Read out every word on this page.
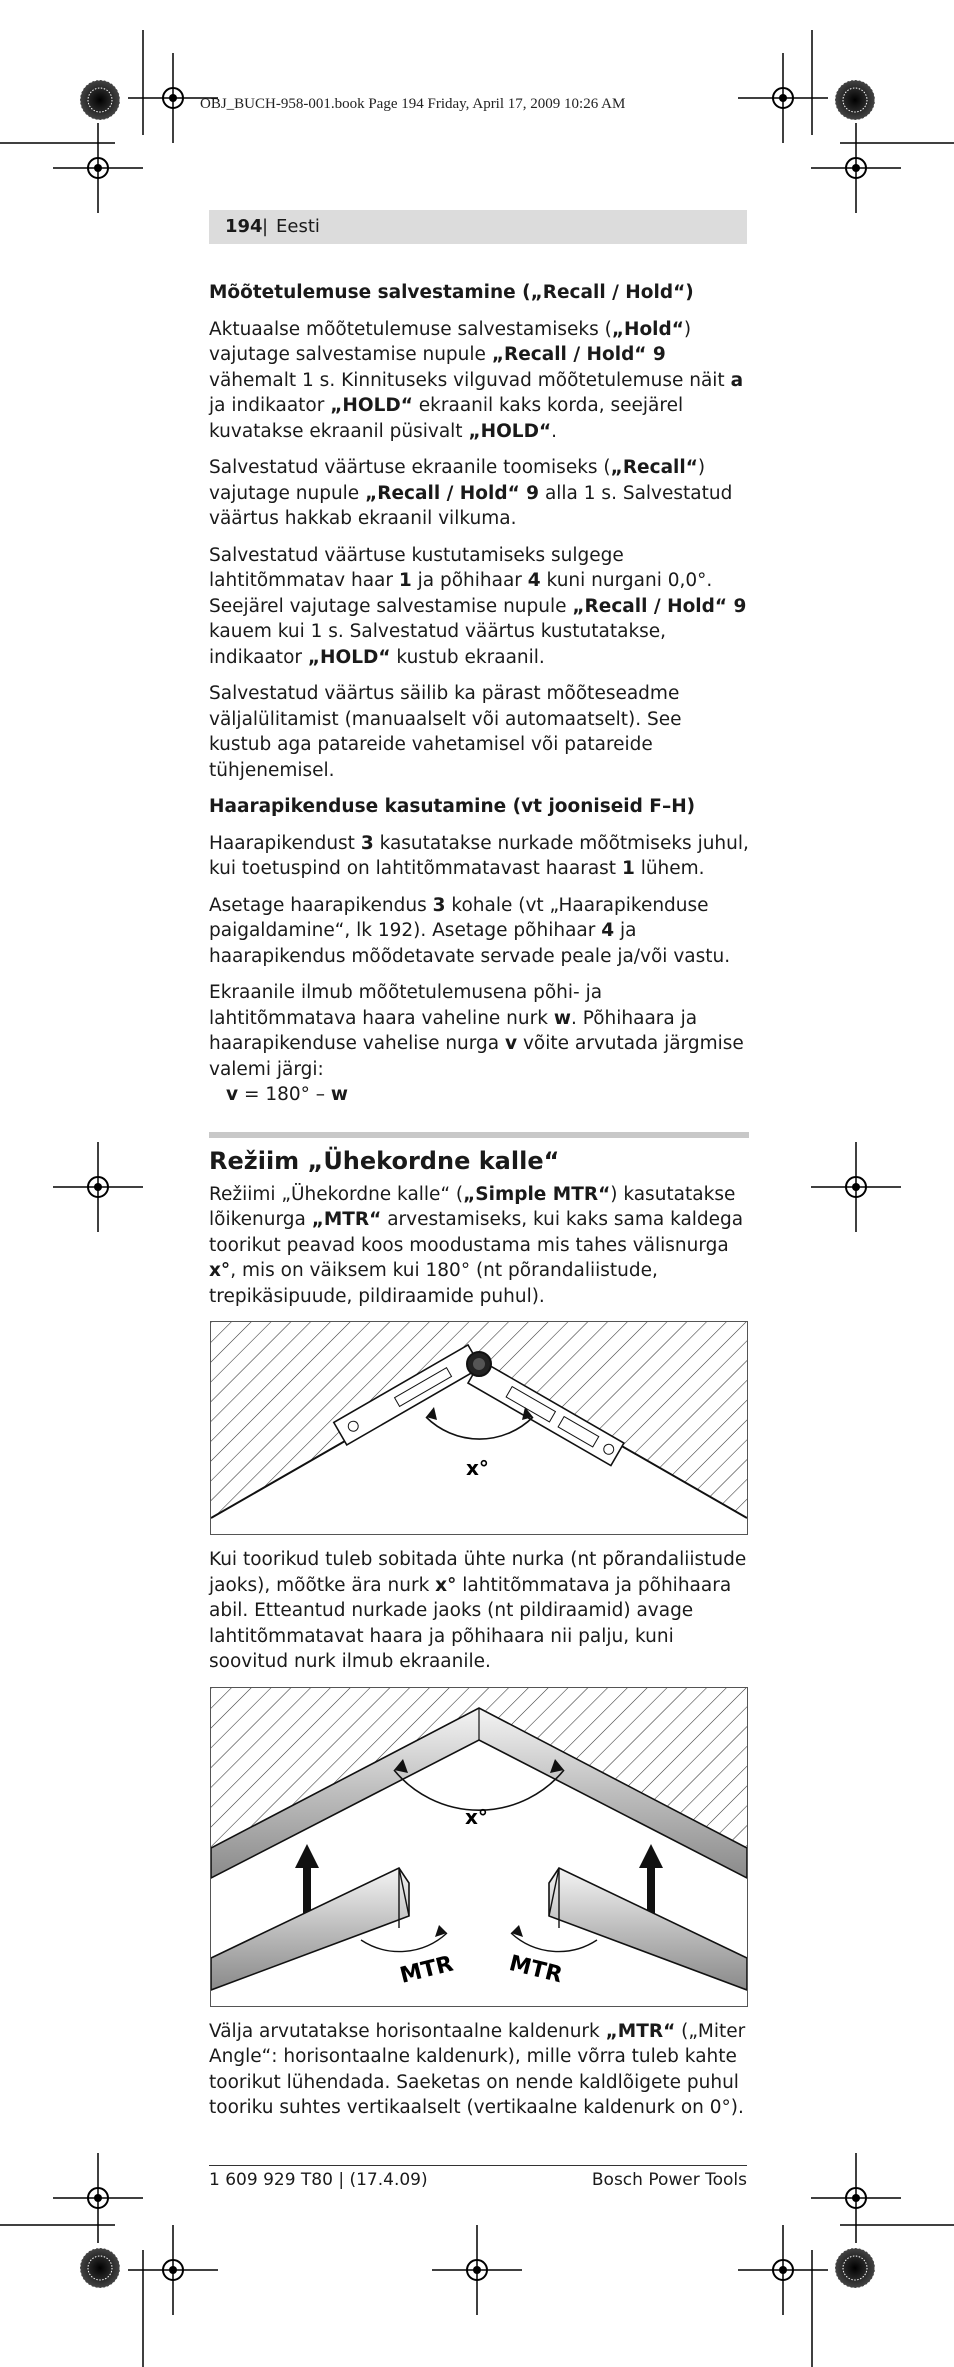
OBJ_BUCH-958-001.book Page 194 Friday, April 17, 2009 10:26 AM
194 | Eesti
Mõõtetulemuse salvestamine („Recall / Hold“)

Aktuaalse mõõtetulemuse salvestamiseks („Hold“) vajutage salvestamise nupule „Recall / Hold“ 9 vähemalt 1 s. Kinnituseks vilguvad mõõtetulemuse näit a ja indikaator „HOLD“ ekraanil kaks korda, seejärel kuvatakse ekraanil püsivalt „HOLD“.

Salvestatud väärtuse ekraanile toomiseks („Recall“) vajutage nupule „Recall / Hold“ 9 alla 1 s. Salvestatud väärtus hakkab ekraanil vilkuma.

Salvestatud väärtuse kustutamiseks sulgege lahtitõmmatav haar 1 ja põhihaar 4 kuni nurgani 0,0°. Seejärel vajutage salvestamise nupule „Recall / Hold“ 9 kauem kui 1 s. Salvestatud väärtus kustutatakse, indikaator „HOLD“ kustub ekraanil.

Salvestatud väärtus säilib ka pärast mõõteseadme väljalülitamist (manuaalselt või automaatselt). See kustub aga patareide vahetamisel või patareide tühjenemisel.

Haarapikenduse kasutamine (vt jooniseid F–H)

Haarapikendust 3 kasutatakse nurkade mõõtmiseks juhul, kui toetuspind on lahtitõmmatavast haarast 1 lühem.

Asetage haarapikendus 3 kohale (vt „Haarapikenduse paigaldamine“, lk 192). Asetage põhihaar 4 ja haarapikendus mõõdetavate servade peale ja/või vastu.

Ekraanile ilmub mõõtetulemusena põhi- ja lahtitõmmatava haara vaheline nurk w. Põhihaara ja haarapikenduse vahelise nurga v võite arvutada järgmise valemi järgi:

v = 180° – w

Režiim „Ühekordne kalle“

Režiimi „Ühekordne kalle“ („Simple MTR“) kasutatakse lõikenurga „MTR“ arvestamiseks, kui kaks sama kaldega toorikut peavad koos moodustama mis tahes välisnurga x°, mis on väiksem kui 180° (nt põrandaliistude, trepikäsipuude, pildiraamide puhul).

x°

Kui toorikud tuleb sobitada ühte nurka (nt põrandaliistude jaoks), mõõtke ära nurk x° lahtitõmmatava ja põhihaara abil. Etteantud nurkade jaoks (nt pildiraamid) avage lahtitõmmatavat haara ja põhihaara nii palju, kuni soovitud nurk ilmub ekraanile.

x°
MTR MTR

Välja arvutatakse horisontaalne kaldenurk „MTR“ („Miter Angle“: horisontaalne kaldenurk), mille võrra tuleb kahte toorikut lühendada. Saeketas on nende kaldlõigete puhul tooriku suhtes vertikaalselt (vertikaalne kaldenurk on 0°).

1 609 929 T80 | (17.4.09)	Bosch Power Tools
